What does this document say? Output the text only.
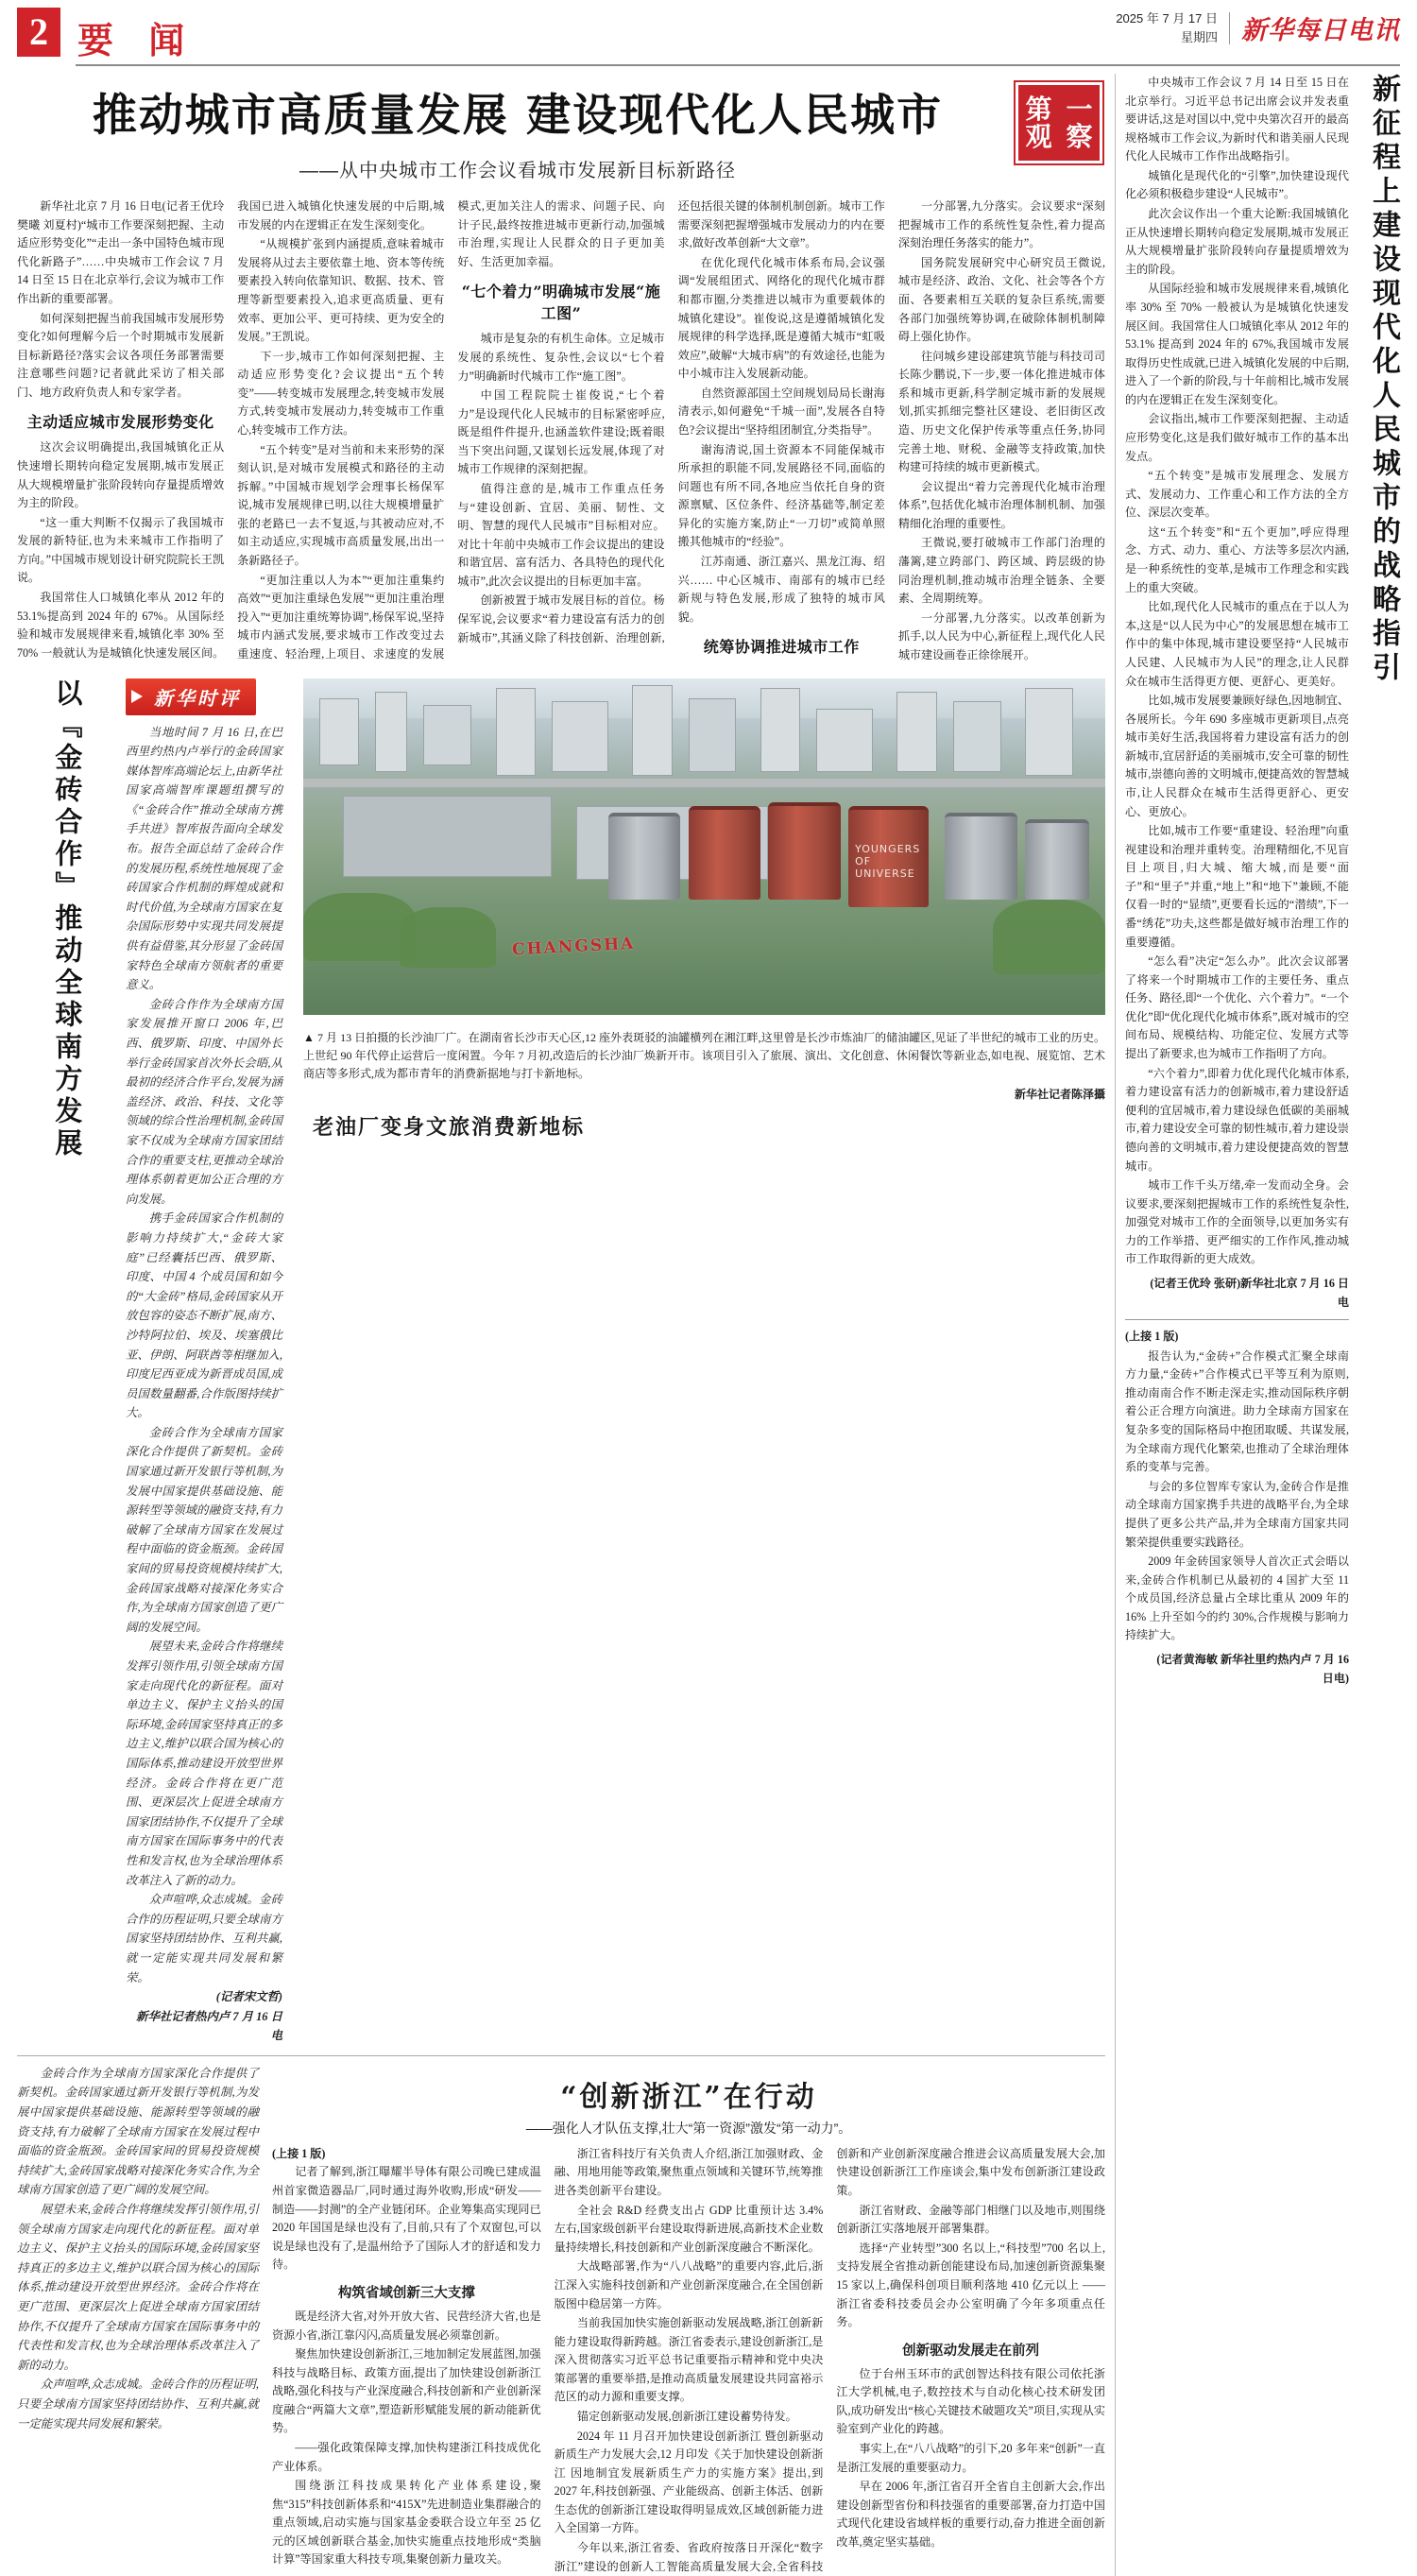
2 要 闻
2025 年 7 月 17 日
星期四 新华每日电讯
推动城市高质量发展 建设现代化人民城市
——从中央城市工作会议看城市发展新目标新路径
第 一
观 察

新华社北京 7 月 16 日电(记者王优玲 樊曦 刘夏村)“城市工作要深刻把握、主动适应形势变化”“走出一条中国特色城市现代化新路子”……中央城市工作会议 7 月 14 日至 15 日在北京举行,会议为城市工作作出新的重要部署。

如何深刻把握当前我国城市发展形势变化?如何理解今后一个时期城市发展新目标新路径?落实会议各项任务部署需要注意哪些问题?记者就此采访了相关部门、地方政府负责人和专家学者。

主动适应城市发展形势变化

这次会议明确提出,我国城镇化正从快速增长期转向稳定发展期,城市发展正从大规模增量扩张阶段转向存量提质增效为主的阶段。

“这一重大判断不仅揭示了我国城市发展的新特征,也为未来城市工作指明了方向。”中国城市规划设计研究院院长王凯说。

我国常住人口城镇化率从 2012 年的 53.1%提高到 2024 年的 67%。从国际经验和城市发展规律来看,城镇化率 30% 至 70% 一般就认为是城镇化快速发展区间。我国已进入城镇化快速发展的中后期,城市发展的内在逻辑正在发生深刻变化。

“从规模扩张到内涵提质,意味着城市发展将从过去主要依靠土地、资本等传统要素投入转向依靠知识、数据、技术、管理等新型要素投入,追求更高质量、更有效率、更加公平、更可持续、更为安全的发展。”王凯说。

下一步,城市工作如何深刻把握、主动适应形势变化?会议提出“五个转变”——转变城市发展理念,转变城市发展方式,转变城市发展动力,转变城市工作重心,转变城市工作方法。

“五个转变”是对当前和未来形势的深刻认识,是对城市发展模式和路径的主动拆解。”中国城市规划学会理事长杨保军说,城市发展规律已明,以往大规模增量扩张的老路已一去不复返,与其被动应对,不如主动适应,实现城市高质量发展,出出一条新路径子。

“更加注重以人为本”“更加注重集约高效”“更加注重绿色发展”“更加注重治理投入”“更加注重统筹协调”,杨保军说,坚持城市内涵式发展,要求城市工作改变过去重速度、轻治理,上项目、求速度的发展模式,更加关注人的需求、问题子民、向计子民,最终按推进城市更新行动,加强城市治理,实现让人民群众的日子更加美好、生活更加幸福。

“七个着力”明确城市发展“施工图”

城市是复杂的有机生命体。立足城市发展的系统性、复杂性,会议以“七个着力”明确新时代城市工作“施工图”。

中国工程院院士崔俊说,“七个着力”是设现代化人民城市的目标紧密呼应,既是组件件提升,也涵盖软件建设;既着眼当下突出问题,又谋划长远发展,体现了对城市工作规律的深刻把握。

值得注意的是,城市工作重点任务与“建设创新、宜居、美丽、韧性、文明、智慧的现代人民城市”目标相对应。对比十年前中央城市工作会议提出的建设和谐宜居、富有活力、各具特色的现代化城市”,此次会议提出的目标更加丰富。

创新被置于城市发展目标的首位。杨保军说,会议要求“着力建设富有活力的创新城市”,其涵义除了科技创新、治理创新,还包括很关键的体制机制创新。城市工作需要深刻把握增强城市发展动力的内在要求,做好改革创新“大文章”。

在优化现代化城市体系布局,会议强调“发展组团式、网络化的现代化城市群和都市圈,分类推进以城市为重要载体的城镇化建设”。崔俊说,这是遵循城镇化发展规律的科学选择,既是遵循大城市“虹吸效应”,破解“大城市病”的有效途径,也能为中小城市注入发展新动能。

自然资源部国土空间规划局局长谢海清表示,如何避免“千城一面”,发展各自特色?会议提出“坚持组团制宜,分类指导”。

谢海清说,国土资源本不同能保城市所承担的职能不同,发展路径不同,面临的问题也有所不同,各地应当依托自身的资源禀赋、区位条件、经济基础等,制定差异化的实施方案,防止“一刀切”或简单照搬其他城市的“经验”。

江苏南通、浙江嘉兴、黑龙江海、绍兴…… 中心区城市、南部有的城市已经新规与特色发展,形成了独特的城市风貌。

统筹协调推进城市工作

一分部署,九分落实。会议要求“深刻把握城市工作的系统性复杂性,着力提高深刻治理任务落实的能力”。

国务院发展研究中心研究员王微说,城市是经济、政治、文化、社会等各个方面、各要素相互关联的复杂巨系统,需要各部门加强统筹协调,在破除体制机制障碍上强化协作。

往问城乡建设部建筑节能与科技司司长陈少鹏说,下一步,要一体化推进城市体系和城市更新,科学制定城市新的发展规划,抓实抓细完整社区建设、老旧街区改造、历史文化保护传承等重点任务,协同完善土地、财税、金融等支持政策,加快构建可持续的城市更新模式。

会议提出“着力完善现代化城市治理体系”,包括优化城市治理体制机制、加强精细化治理的重要性。

王微说,要打破城市工作部门治理的藩篱,建立跨部门、跨区域、跨层级的协同治理机制,推动城市治理全链条、全要素、全周期统筹。

一分部署,九分落实。以改革创新为抓手,以人民为中心,新征程上,现代化人民城市建设画卷正徐徐展开。

以『金砖合作』推动全球南方发展	新华时评

当地时间 7 月 16 日,在巴西里约热内卢举行的金砖国家媒体智库高端论坛上,由新华社国家高端智库课题组撰写的《“金砖合作”推动全球南方携手共进》智库报告面向全球发布。报告全面总结了金砖合作的发展历程,系统性地展现了金砖国家合作机制的辉煌成就和时代价值,为全球南方国家在复杂国际形势中实现共同发展提供有益借鉴,其分形显了金砖国家特色全球南方领航者的重要意义。

金砖合作作为全球南方国家发展推开窗口 2006 年,巴西、俄罗斯、印度、中国外长举行金砖国家首次外长会晤,从最初的经济合作平台,发展为涵盖经济、政治、科技、文化等领域的综合性治理机制,金砖国家不仅成为全球南方国家团结合作的重要支柱,更推动全球治理体系朝着更加公正合理的方向发展。

携手金砖国家合作机制的影响力持续扩大,“金砖大家庭”已经囊括巴西、俄罗斯、印度、中国 4 个成员国和如今的“大金砖”格局,金砖国家从开放包容的姿态不断扩展,南方、沙特阿拉伯、埃及、埃塞俄比亚、伊朗、阿联酋等相继加入,印度尼西亚成为新晋成员国,成员国数量翻番,合作版图持续扩大。

金砖合作为全球南方国家深化合作提供了新契机。金砖国家通过新开发银行等机制,为发展中国家提供基础设施、能源转型等领域的融资支持,有力破解了全球南方国家在发展过程中面临的资金瓶颈。金砖国家间的贸易投资规模持续扩大,金砖国家战略对接深化务实合作,为全球南方国家创造了更广阔的发展空间。

展望未来,金砖合作将继续发挥引领作用,引领全球南方国家走向现代化的新征程。面对单边主义、保护主义抬头的国际环境,金砖国家坚持真正的多边主义,维护以联合国为核心的国际体系,推动建设开放型世界经济。金砖合作将在更广范围、更深层次上促进全球南方国家团结协作,不仅提升了全球南方国家在国际事务中的代表性和发言权,也为全球治理体系改革注入了新的动力。

众声喧哗,众志成城。金砖合作的历程证明,只要全球南方国家坚持团结协作、互利共赢,就一定能实现共同发展和繁荣。

(记者宋文哲)

新华社记者热内卢 7 月 16 日电

YOUNGERS OF UNIVERSE
CHANGSHA
▲ 7 月 13 日拍摄的长沙油厂广。在湖南省长沙市天心区,12 座外表斑驳的油罐横列在湘江畔,这里曾是长沙市炼油厂的储油罐区,见证了半世纪的城市工业的历史。上世纪 90 年代停止运营后一度闲置。今年 7 月初,改造后的长沙油厂焕新开市。该项目引入了旅展、演出、文化创意、休闲餐饮等新业态,如电视、展览馆、艺术商店等多形式,成为都市青年的消费新据地与打卡新地标。
新华社记者陈泽攝
老油厂变身文旅消费新地标

金砖合作为全球南方国家深化合作提供了新契机。金砖国家通过新开发银行等机制,为发展中国家提供基础设施、能源转型等领域的融资支持,有力破解了全球南方国家在发展过程中面临的资金瓶颈。金砖国家间的贸易投资规模持续扩大,金砖国家战略对接深化务实合作,为全球南方国家创造了更广阔的发展空间。

展望未来,金砖合作将继续发挥引领作用,引领全球南方国家走向现代化的新征程。面对单边主义、保护主义抬头的国际环境,金砖国家坚持真正的多边主义,维护以联合国为核心的国际体系,推动建设开放型世界经济。金砖合作将在更广范围、更深层次上促进全球南方国家团结协作,不仅提升了全球南方国家在国际事务中的代表性和发言权,也为全球治理体系改革注入了新的动力。

众声喧哗,众志成城。金砖合作的历程证明,只要全球南方国家坚持团结协作、互利共赢,就一定能实现共同发展和繁荣。

“创新浙江”在行动
——强化人才队伍支撑,壮大“第一资源”激发“第一动力”。

(上接 1 版)

记者了解到,浙江曝耀半导体有限公司晚已建成温州首家微造器品厂,同时通过海外收购,形成“研发——制造——封测”的全产业链闭环。企业筹集高实现同已 2020 年国国是绿也没有了,目前,只有了个双窗包,可以说是绿也没有了,是温州给予了国际人才的舒适和发力待。

构筑省域创新三大支撑

既是经济大省,对外开放大省、民营经济大省,也是资源小省,浙江靠闪闪,高质量发展必须靠创新。

聚焦加快建设创新浙江,三地加制定发展蓝图,加强科技与战略目标、政策方面,提出了加快建设创新浙江战略,强化科技与产业深度融合,科技创新和产业创新深度融合“两篇大文章”,塑造新形赋能发展的新动能新优势。

——强化政策保障支撑,加快构建浙江科技成优化产业体系。

围绕浙江科技成果转化产业体系建设,聚焦“315”科技创新体系和“415X”先进制造业集群融合的重点领域,启动实施与国家基金委联合设立年至 25 亿元的区域创新联合基金,加快实施重点技地形成“类脑计算”等国家重大科技专项,集聚创新力量攻关。

浙江省科技厅有关负责人介绍,浙江加强财政、金融、用地用能等政策,聚焦重点领域和关键环节,统筹推进各类创新平台建设。

全社会 R&D 经费支出占 GDP 比重预计达 3.4% 左右,国家级创新平台建设取得新进展,高新技术企业数量持续增长,科技创新和产业创新深度融合不断深化。

大战略部署,作为“八八战略”的重要内容,此后,浙江深入实施科技创新和产业创新深度融合,在全国创新版图中稳居第一方阵。

当前我国加快实施创新驱动发展战略,浙江创新新能力建设取得新跨越。浙江省委表示,建设创新浙江,是深入贯彻落实习近平总书记重要指示精神和党中央决策部署的重要举措,是推动高质量发展建设共同富裕示范区的动力源和重要支撑。

锚定创新驱动发展,创新浙江建设蓄势待发。

2024 年 11 月召开加快建设创新浙江 暨创新驱动新质生产力发展大会,12 月印发《关于加快建设创新浙江 因地制宜发展新质生产力的实施方案》提出,到 2027 年,科技创新强、产业能级高、创新主体活、创新生态优的创新浙江建设取得明显成效,区域创新能力进入全国第一方阵。

今年以来,浙江省委、省政府按落日开深化“数字浙江”建设的创新人工智能高质量发展大会,全省科技创新和产业创新深度融合推进会议高质量发展大会,加快建设创新浙江工作座谈会,集中发布创新浙江建设政策。

浙江省财政、金融等部门相继门以及地市,则围绕创新浙江实落地展开部署集群。

选择“产业转型”300 名以上,“科技型”700 名以上,支持发展全省推动新创能建设布局,加速创新资源集聚 15 家以上,确保科创项目顺利落地 410 亿元以上 ——浙江省委科技委员会办公室明确了今年多项重点任务。

创新驱动发展走在前列

位于台州玉环市的武创智达科技有限公司依托浙江大学机械,电子,数控技术与自动化核心技术研发团队,成功研发出“核心关键技术破题攻关”项目,实现从实验室到产业化的跨越。

事实上,在“八八战略”的引下,20 多年来“创新”一直是浙江发展的重要驱动力。

早在 2006 年,浙江省召开全省自主创新大会,作出建设创新型省份和科技强省的重要部署,奋力打造中国式现代化建设省域样板的重要行动,奋力推进全面创新改革,奠定坚实基础。

中央城市工作会议 7 月 14 日至 15 日在北京举行。习近平总书记出席会议并发表重要讲话,这是对国以中,党中央第次召开的最高规格城市工作会议,为新时代和谐美丽人民现代化人民城市工作作出战略指引。

城镇化是现代化的“引擎”,加快建设现代化必须积极稳步建设“人民城市”。

此次会议作出一个重大论断:我国城镇化正从快速增长期转向稳定发展期,城市发展正从大规模增量扩张阶段转向存量提质增效为主的阶段。

从国际经验和城市发展规律来看,城镇化率 30% 至 70% 一般被认为是城镇化快速发展区间。我国常住人口城镇化率从 2012 年的 53.1% 提高到 2024 年的 67%,我国城市发展取得历史性成就,已进入城镇化发展的中后期,进入了一个新的阶段,与十年前相比,城市发展的内在逻辑正在发生深刻变化。

会议指出,城市工作要深刻把握、主动适应形势变化,这是我们做好城市工作的基本出发点。

“五个转变”是城市发展理念、发展方式、发展动力、工作重心和工作方法的全方位、深层次变革。

这“五个转变”和“五个更加”,呼应得理念、方式、动力、重心、方法等多层次内涵,是一种系统性的变革,是城市工作理念和实践上的重大突破。

比如,现代化人民城市的重点在于以人为本,这是“以人民为中心”的发展思想在城市工作中的集中体现,城市建设要坚持“人民城市人民建、人民城市为人民”的理念,让人民群众在城市生活得更方便、更舒心、更美好。

比如,城市发展要兼顾好绿色,因地制宜、各展所长。今年 690 多座城市更新项目,点亮城市美好生活,我国将着力建设富有活力的创新城市,宜居舒适的美丽城市,安全可靠的韧性城市,崇德向善的文明城市,便捷高效的智慧城市,让人民群众在城市生活得更舒心、更安心、更放心。

比如,城市工作要“重建设、轻治理”向重视建设和治理并重转变。治理精细化,不见盲目上项目,归大城、缩大城,而是要“面子”和“里子”并重,“地上”和“地下”兼顾,不能仅看一时的“显绩”,更要看长远的“潜绩”,下一番“绣花”功夫,这些都是做好城市治理工作的重要遵循。

“怎么看”决定“怎么办”。此次会议部署了将来一个时期城市工作的主要任务、重点任务、路径,即“一个优化、六个着力”。“一个优化”即“优化现代化城市体系”,既对城市的空间布局、规模结构、功能定位、发展方式等提出了新要求,也为城市工作指明了方向。

“六个着力”,即着力优化现代化城市体系,着力建设富有活力的创新城市,着力建设舒适便利的宜居城市,着力建设绿色低碳的美丽城市,着力建设安全可靠的韧性城市,着力建设崇德向善的文明城市,着力建设便捷高效的智慧城市。

城市工作千头万绪,牵一发而动全身。会议要求,要深刻把握城市工作的系统性复杂性,加强党对城市工作的全面领导,以更加务实有力的工作举措、更严细实的工作作风,推动城市工作取得新的更大成效。

(记者王优玲 张研)新华社北京 7 月 16 日电

(上接 1 版)

报告认为,“金砖+”合作模式汇聚全球南方力量,“金砖+”合作模式已平等互利为原则,推动南南合作不断走深走实,推动国际秩序朝着公正合理方向演进。助力全球南方国家在复杂多变的国际格局中抱团取暖、共谋发展,为全球南方现代化繁荣,也推动了全球治理体系的变革与完善。

与会的多位智库专家认为,金砖合作是推动全球南方国家携手共进的战略平台,为全球提供了更多公共产品,并为全球南方国家共同繁荣提供重要实践路径。

2009 年金砖国家领导人首次正式会晤以来,金砖合作机制已从最初的 4 国扩大至 11 个成员国,经济总量占全球比重从 2009 年的 16% 上升至如今的约 30%,合作规模与影响力持续扩大。

(记者黄海敏 新华社里约热内卢 7 月 16 日电)

新征程上建设现代化人民城市的战略指引
